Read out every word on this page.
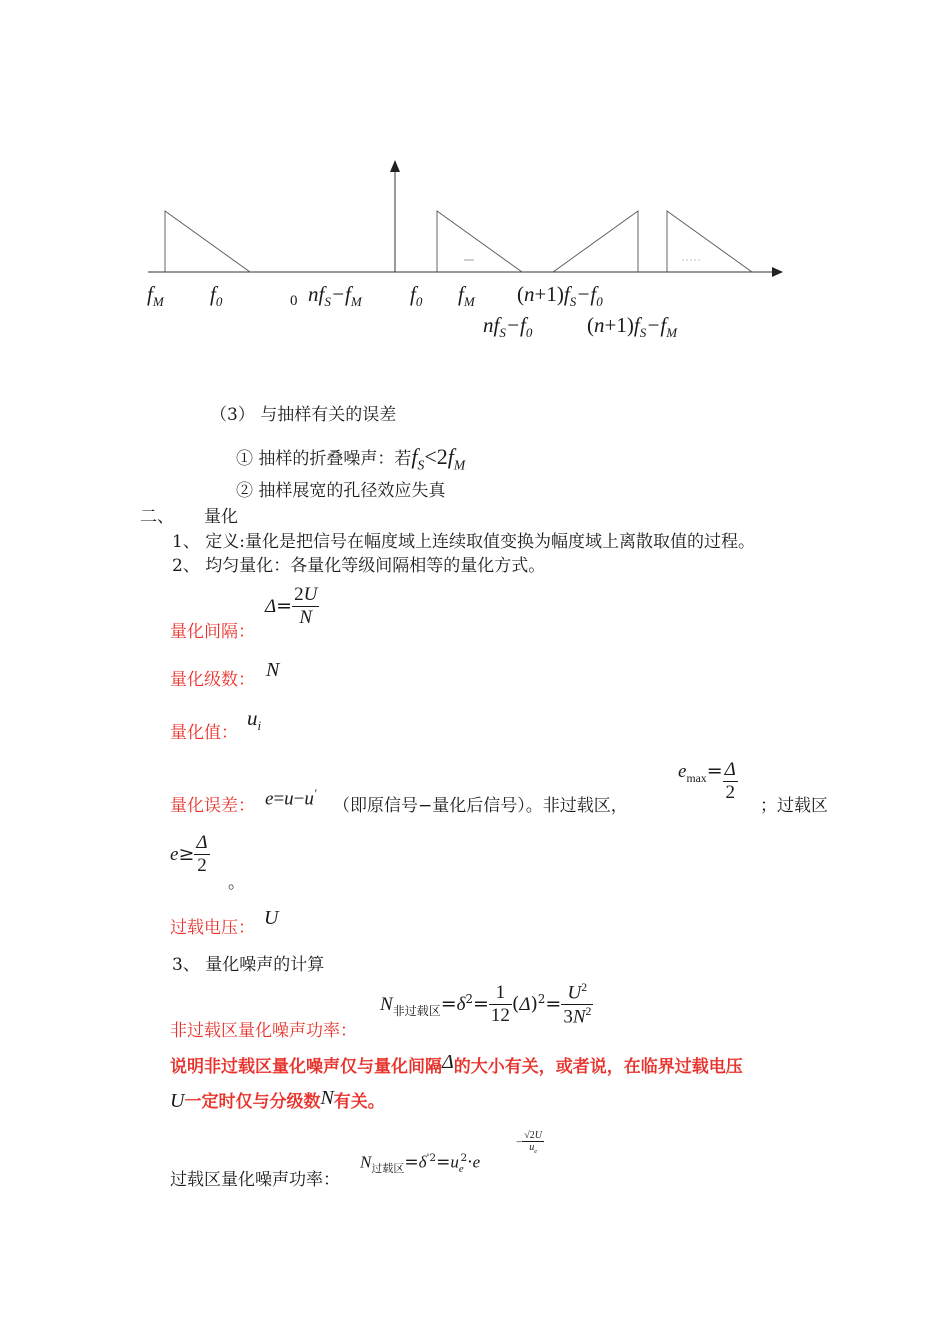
$f_M$ $f_0$	0 $nf_S-f_M$ $f_0$ $f_M$ $(n+1)f_S-f_0$
$nf_S-f_0$	$(n+1)f_S-f_M$
（3） 与抽样有关的误差
① 抽样的折叠噪声：若$f_S<2f_M$
② 抽样展宽的孔径效应失真
二、 量化
1、 定义:量化是把信号在幅度域上连续取值变换为幅度域上离散取值的过程。
2、 均匀量化：各量化等级间隔相等的量化方式。
量化间隔：
$\Delta= \frac{2U}{N}$
量化级数： N
量化值：
$u_i$
量化误差： e=u−u'
（即原信号−量化后信号）。非过载区，
$e_{max}= \frac{\Delta}{2}$
；过载区
$e\ge \frac{\Delta}{2}$
。
过载电压： U
3、 量化噪声的计算
非过载区量化噪声功率：
$N_{非过载区}=\delta^2= \frac{1}{12} (\Delta)^2= \frac{U^2}{3N^2}$
说明非过载区量化噪声仅与量化间隔Δ的大小有关，或者说，在临界过载电压
U一定时仅与分级数N有关。
过载区量化噪声功率：
$N_{过载区}=\delta^{'2}=u_e^2\cdot e$
− $\frac{√2U}{u_e}$
